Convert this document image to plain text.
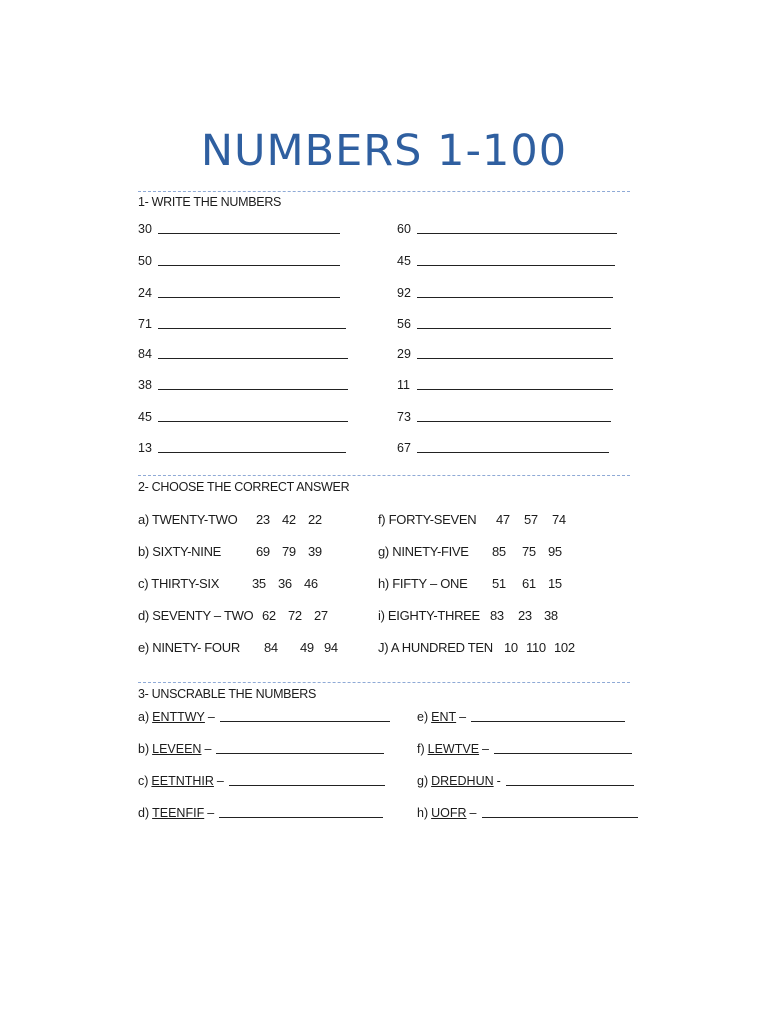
NUMBERS 1-100
1- WRITE THE NUMBERS
30
50
24
71
84
38
45
13
60
45
92
56
29
11
73
67
2- CHOOSE THE CORRECT ANSWER
a) TWENTY-TWO 23 42 22
b) SIXTY-NINE	69 79 39
c) THIRTY-SIX	35 36 46
d) SEVENTY – TWO 62 72 27
e) NINETY- FOUR 84 49 94
f) FORTY-SEVEN 47 57 74
g) NINETY-FIVE 85 75 95
h) FIFTY – ONE 51 61 15
i) EIGHTY-THREE 83 23 38
J) A HUNDRED TEN 10 110 102
3- UNSCRABLE THE NUMBERS
a) ENTTWY –
b) LEVEEN –
c) EETNTHIR –
d) TEENFIF –
e) ENT –
f) LEWTVE –
g) DREDHUN -
h) UOFR –
